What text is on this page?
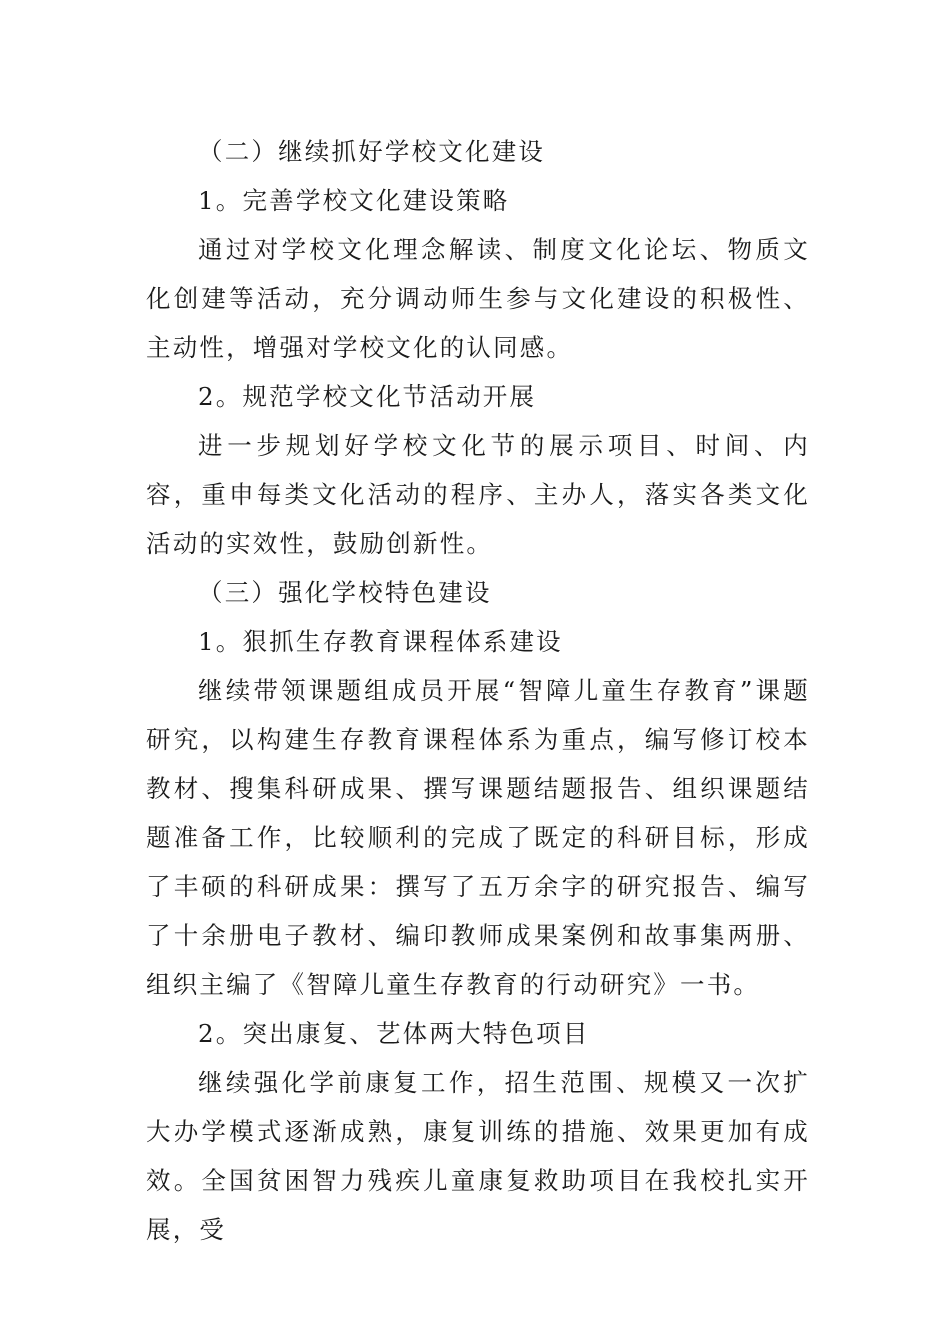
（二）继续抓好学校文化建设

1。完善学校文化建设策略

通过对学校文化理念解读、制度文化论坛、物质文化创建等活动，充分调动师生参与文化建设的积极性、主动性，增强对学校文化的认同感。

2。规范学校文化节活动开展

进一步规划好学校文化节的展示项目、时间、内容，重申每类文化活动的程序、主办人，落实各类文化活动的实效性，鼓励创新性。

（三）强化学校特色建设

1。狠抓生存教育课程体系建设

继续带领课题组成员开展“智障儿童生存教育”课题研究，以构建生存教育课程体系为重点，编写修订校本教材、搜集科研成果、撰写课题结题报告、组织课题结题准备工作，比较顺利的完成了既定的科研目标，形成了丰硕的科研成果：撰写了五万余字的研究报告、编写了十余册电子教材、编印教师成果案例和故事集两册、组织主编了《智障儿童生存教育的行动研究》一书。

2。突出康复、艺体两大特色项目

继续强化学前康复工作，招生范围、规模又一次扩大办学模式逐渐成熟，康复训练的措施、效果更加有成效。全国贫困智力残疾儿童康复救助项目在我校扎实开展，受
